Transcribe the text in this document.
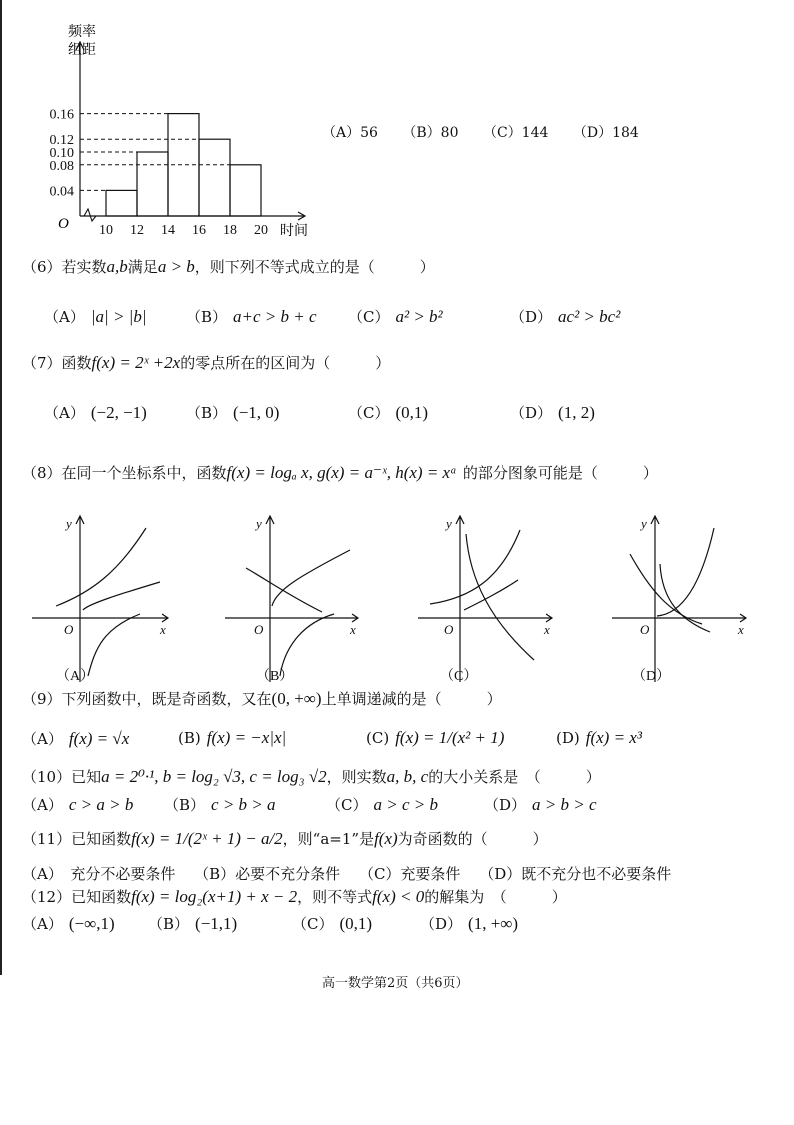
频率
组距
时间
O
0.16
0.12
0.10
0.08
0.04
10 12 14 16 18 20
（A）56 （B）80 （C）144 （D）184
（6）若实数a,b满足a > b，则下列不等式成立的是（　　　）
（A） |a| > |b|	（B） a+c > b + c （C） a² > b²	（D） ac² > bc²
（7）函数f(x) = 2ˣ +2x的零点所在的区间为（　　　）
（A） (−2, −1)	（B） (−1, 0)	（C） (0,1)	（D） (1, 2)
（8）在同一个坐标系中，函数f(x) = logₐ x, g(x) = a⁻ˣ, h(x) = xᵃ 的部分图象可能是（　　　）
y
x
O
y
x
O
y
x
O
y
x
O
（A）	（B）	（C）	（D）
（9）下列函数中，既是奇函数，又在(0, +∞)上单调递减的是（　　　）
（A） f(x) = √x	(B) f(x) = −x|x|	(C) f(x) = 1/(x² + 1)	(D) f(x) = x³
（10）已知a = 2⁰·¹, b = log₂ √3, c = log₃ √2，则实数a, b, c的大小关系是　（　　　）
（A） c > a > b （B） c > b > a	（C） a > c > b	（D） a > b > c
（11）已知函数f(x) = 1/(2ˣ + 1) − a/2，则“a=1”是f(x)为奇函数的（　　　）
（A）　充分不必要条件 （B）必要不充分条件 （C）充要条件 （D）既不充分也不必要条件
（12）已知函数f(x) = log₂(x+1) + x − 2，则不等式f(x) < 0的解集为　（　　　）
（A） (−∞,1) （B） (−1,1)	（C） (0,1)	（D） (1, +∞)
高一数学第2页（共6页）
